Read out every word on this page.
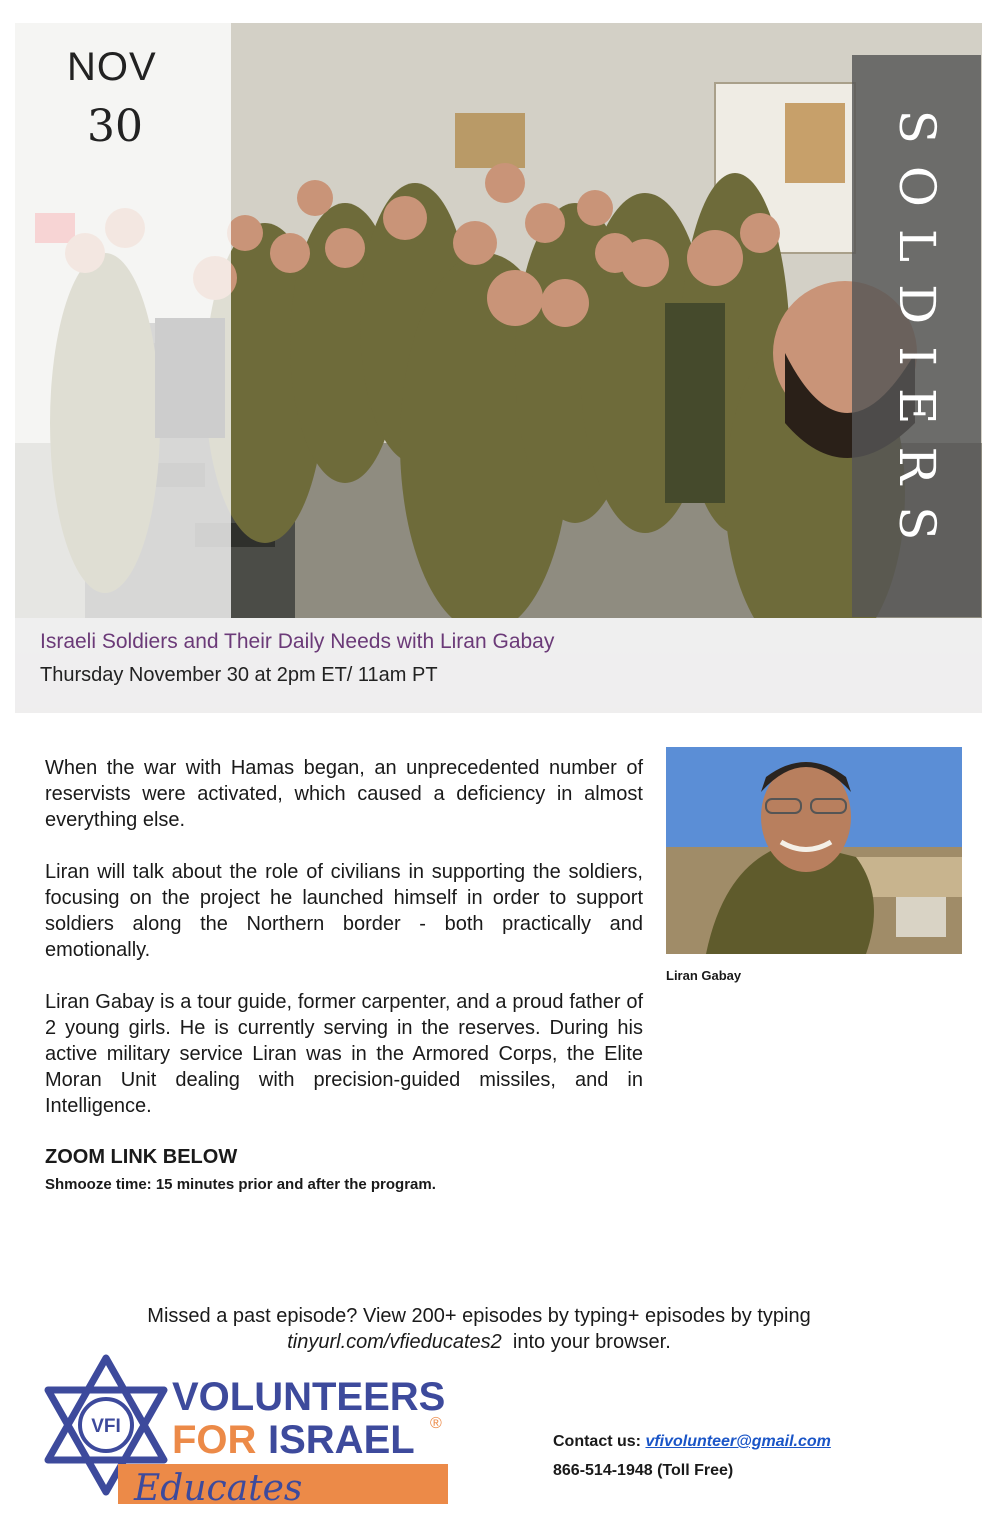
NOV
30	SOLDIERS
Israeli Soldiers and Their Daily Needs with Liran Gabay
Thursday November 30 at 2pm ET/ 11am PT

When the war with Hamas began, an unprecedented number of reservists were activated, which caused a deficiency in almost everything else.

Liran will talk about the role of civilians in supporting the soldiers, focusing on the project he launched himself in order to support soldiers along the Northern border - both practically and emotionally.

Liran Gabay is a tour guide, former carpenter, and a proud father of 2 young girls. He is currently serving in the reserves. During his active military service Liran was in the Armored Corps, the Elite Moran Unit dealing with precision-guided missiles, and in Intelligence.

ZOOM LINK BELOW
Shmooze time: 15 minutes prior and after the program.
Liran Gabay
Missed a past episode? View 200+ episodes by typing+ episodes by typing
tinyurl.com/vfieducates2  into your browser.
VFI
VOLUNTEERS
FOR ISRAEL ®
Educates
Contact us: vfivolunteer@gmail.com
866-514-1948 (Toll Free)
